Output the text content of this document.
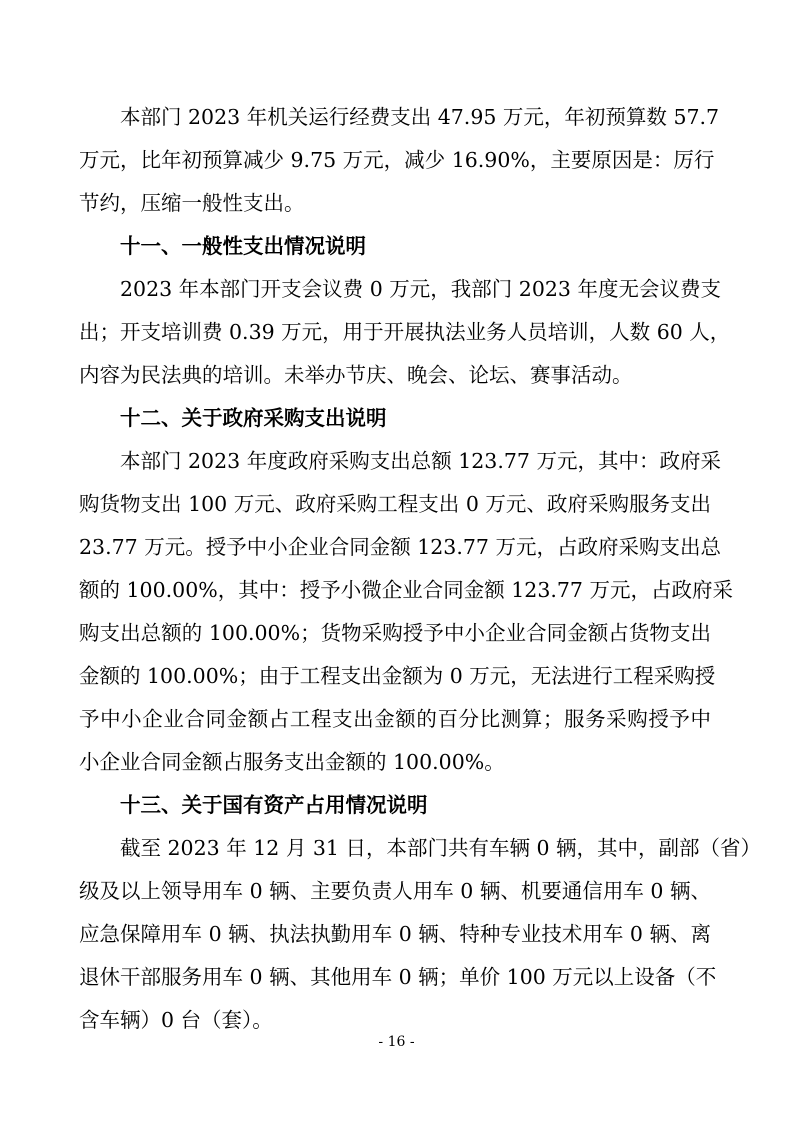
本部门 2023 年机关运行经费支出 47.95 万元，年初预算数 57.7
万元，比年初预算减少 9.75 万元，减少 16.90%，主要原因是：厉行
节约，压缩一般性支出。
十一、一般性支出情况说明
2023 年本部门开支会议费 0 万元，我部门 2023 年度无会议费支
出；开支培训费 0.39 万元，用于开展执法业务人员培训，人数 60 人，
内容为民法典的培训。未举办节庆、晚会、论坛、赛事活动。
十二、关于政府采购支出说明
本部门 2023 年度政府采购支出总额 123.77 万元，其中：政府采
购货物支出 100 万元、政府采购工程支出 0 万元、政府采购服务支出
23.77 万元。授予中小企业合同金额 123.77 万元，占政府采购支出总
额的 100.00%，其中：授予小微企业合同金额 123.77 万元，占政府采
购支出总额的 100.00%；货物采购授予中小企业合同金额占货物支出
金额的 100.00%；由于工程支出金额为 0 万元，无法进行工程采购授
予中小企业合同金额占工程支出金额的百分比测算；服务采购授予中
小企业合同金额占服务支出金额的 100.00%。
十三、关于国有资产占用情况说明
截至 2023 年 12 月 31 日，本部门共有车辆 0 辆，其中，副部（省）
级及以上领导用车 0 辆、主要负责人用车 0 辆、机要通信用车 0 辆、
应急保障用车 0 辆、执法执勤用车 0 辆、特种专业技术用车 0 辆、离
退休干部服务用车 0 辆、其他用车 0 辆；单价 100 万元以上设备（不
含车辆）0 台（套）。
- 16 -
